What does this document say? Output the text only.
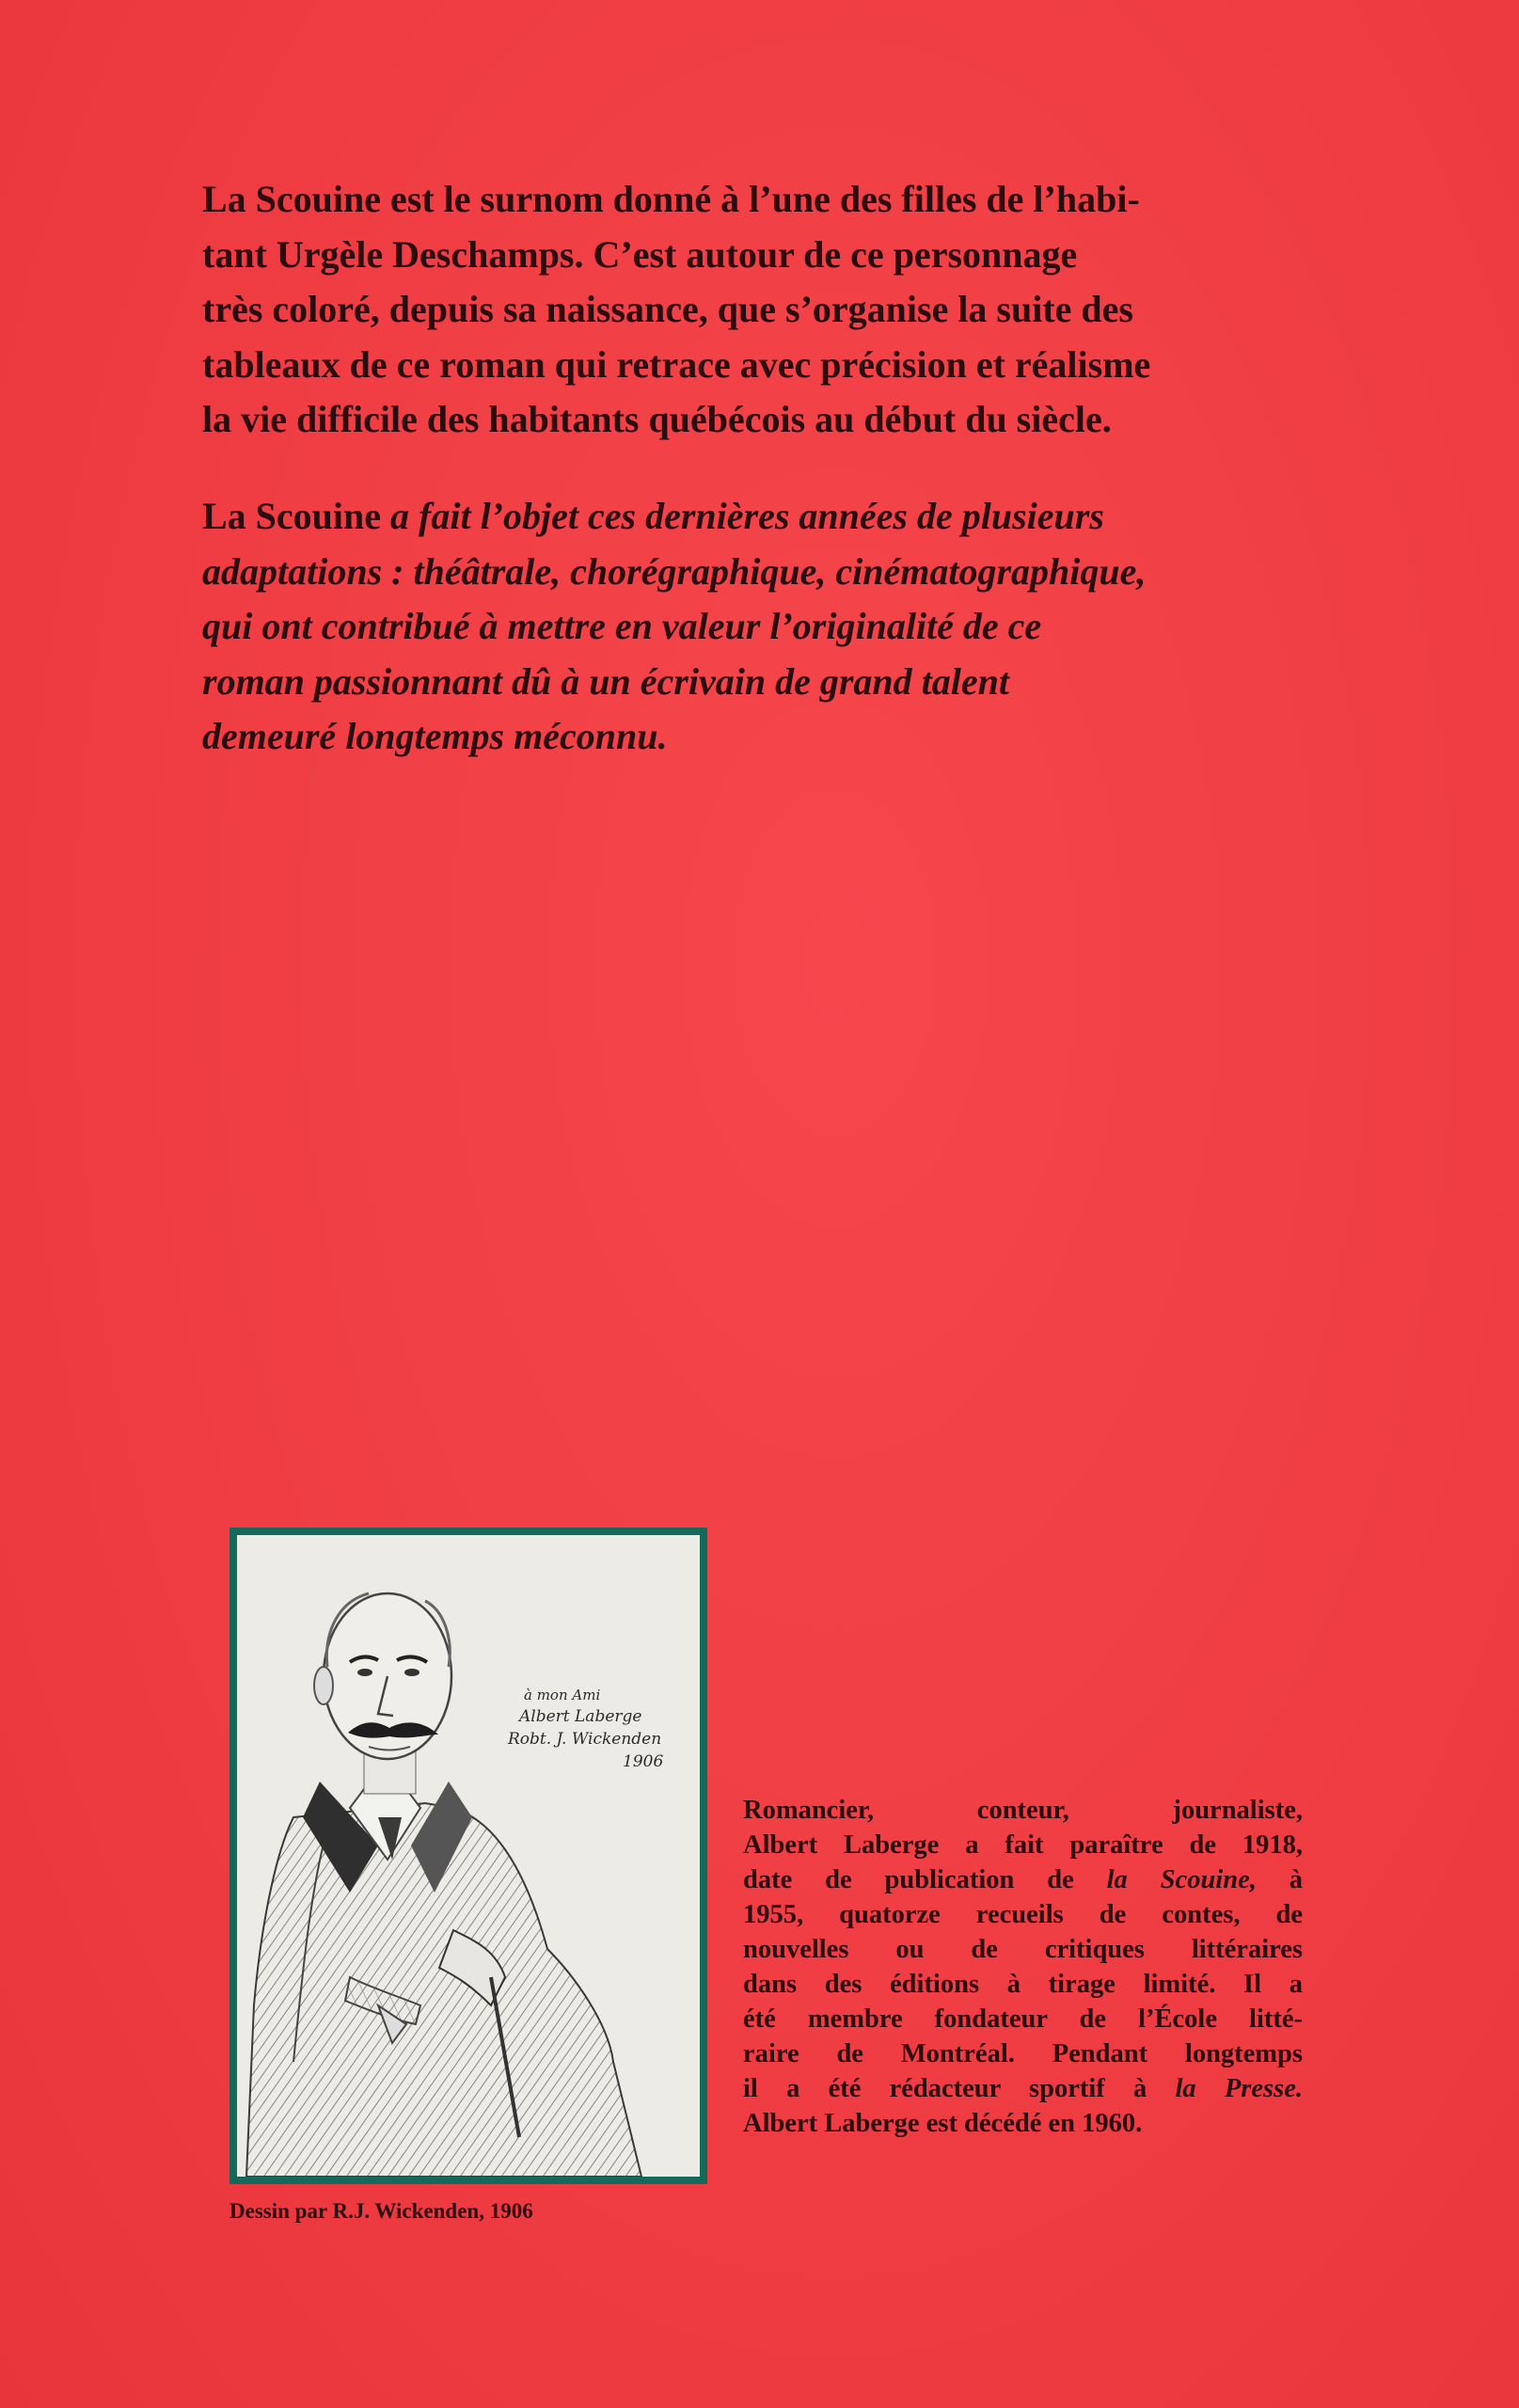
La Scouine est le surnom donné à l’une des filles de l’habi-
tant Urgèle Deschamps. C’est autour de ce personnage
très coloré, depuis sa naissance, que s’organise la suite des
tableaux de ce roman qui retrace avec précision et réalisme
la vie difficile des habitants québécois au début du siècle.

La Scouine a fait l’objet ces dernières années de plusieurs
adaptations : théâtrale, chorégraphique, cinématographique,
qui ont contribué à mettre en valeur l’originalité de ce
roman passionnant dû à un écrivain de grand talent
demeuré longtemps méconnu.

à mon Ami
Albert Laberge
Robt. J. Wickenden
1906

Dessin par R.J. Wickenden, 1906

Romancier, conteur, journaliste,
Albert Laberge a fait paraître de 1918,
date de publication de la Scouine, à
1955, quatorze recueils de contes, de
nouvelles ou de critiques littéraires
dans des éditions à tirage limité. Il a
été membre fondateur de l’École litté-
raire de Montréal. Pendant longtemps
il a été rédacteur sportif à la Presse.
Albert Laberge est décédé en 1960.
